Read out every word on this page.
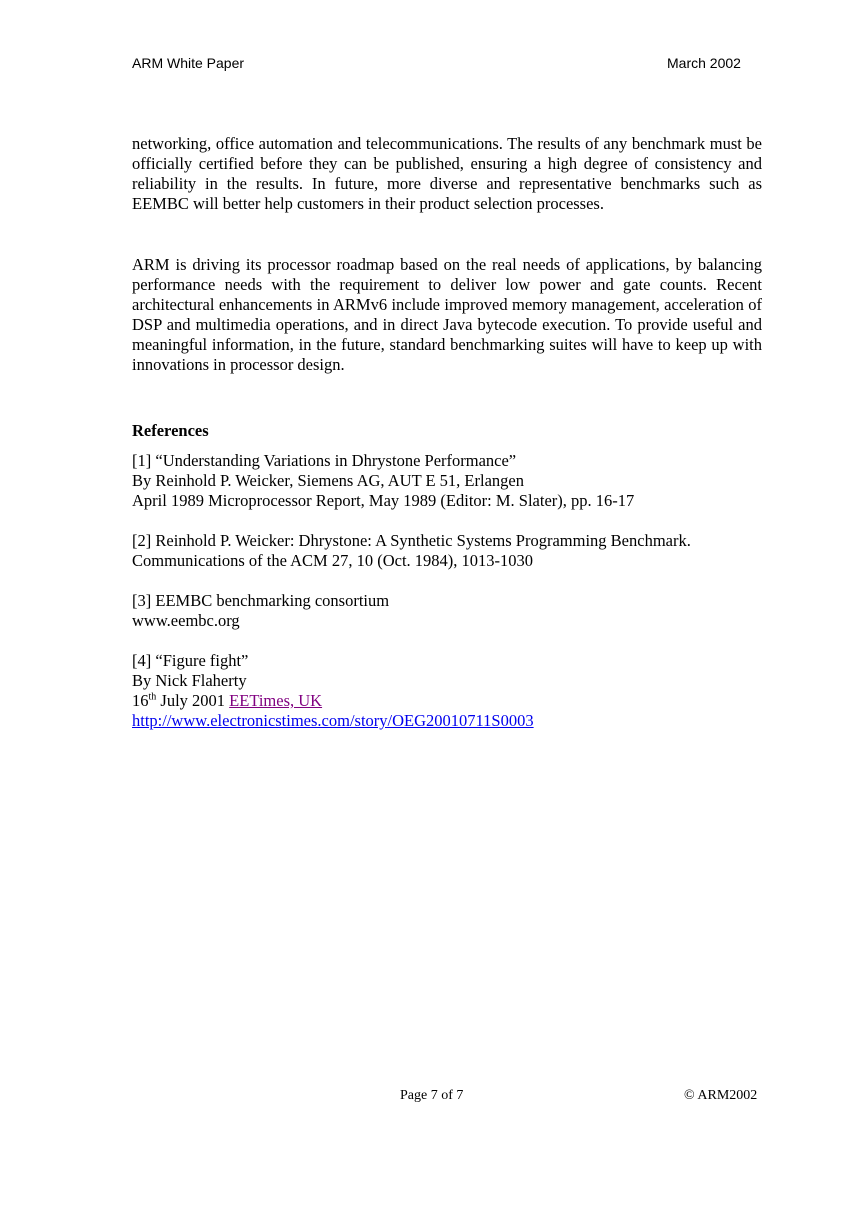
ARM White Paper	March 2002
networking, office automation and telecommunications. The results of any benchmark must be officially certified before they can be published, ensuring a high degree of consistency and reliability in the results. In future, more diverse and representative benchmarks such as EEMBC will better help customers in their product selection processes.
ARM is driving its processor roadmap based on the real needs of applications, by balancing performance needs with the requirement to deliver low power and gate counts. Recent architectural enhancements in ARMv6 include improved memory management, acceleration of DSP and multimedia operations, and in direct Java bytecode execution. To provide useful and meaningful information, in the future, standard benchmarking suites will have to keep up with innovations in processor design.
References
[1] “Understanding Variations in Dhrystone Performance”
By Reinhold P. Weicker, Siemens AG, AUT E 51, Erlangen
April 1989 Microprocessor Report, May 1989 (Editor: M. Slater), pp. 16-17
[2] Reinhold P. Weicker: Dhrystone: A Synthetic Systems Programming Benchmark.
Communications of the ACM 27, 10 (Oct. 1984), 1013-1030
[3] EEMBC benchmarking consortium
www.eembc.org
[4] “Figure fight”
By Nick Flaherty
16th July 2001 EETimes, UK
http://www.electronicstimes.com/story/OEG20010711S0003
Page 7 of 7	© ARM2002
